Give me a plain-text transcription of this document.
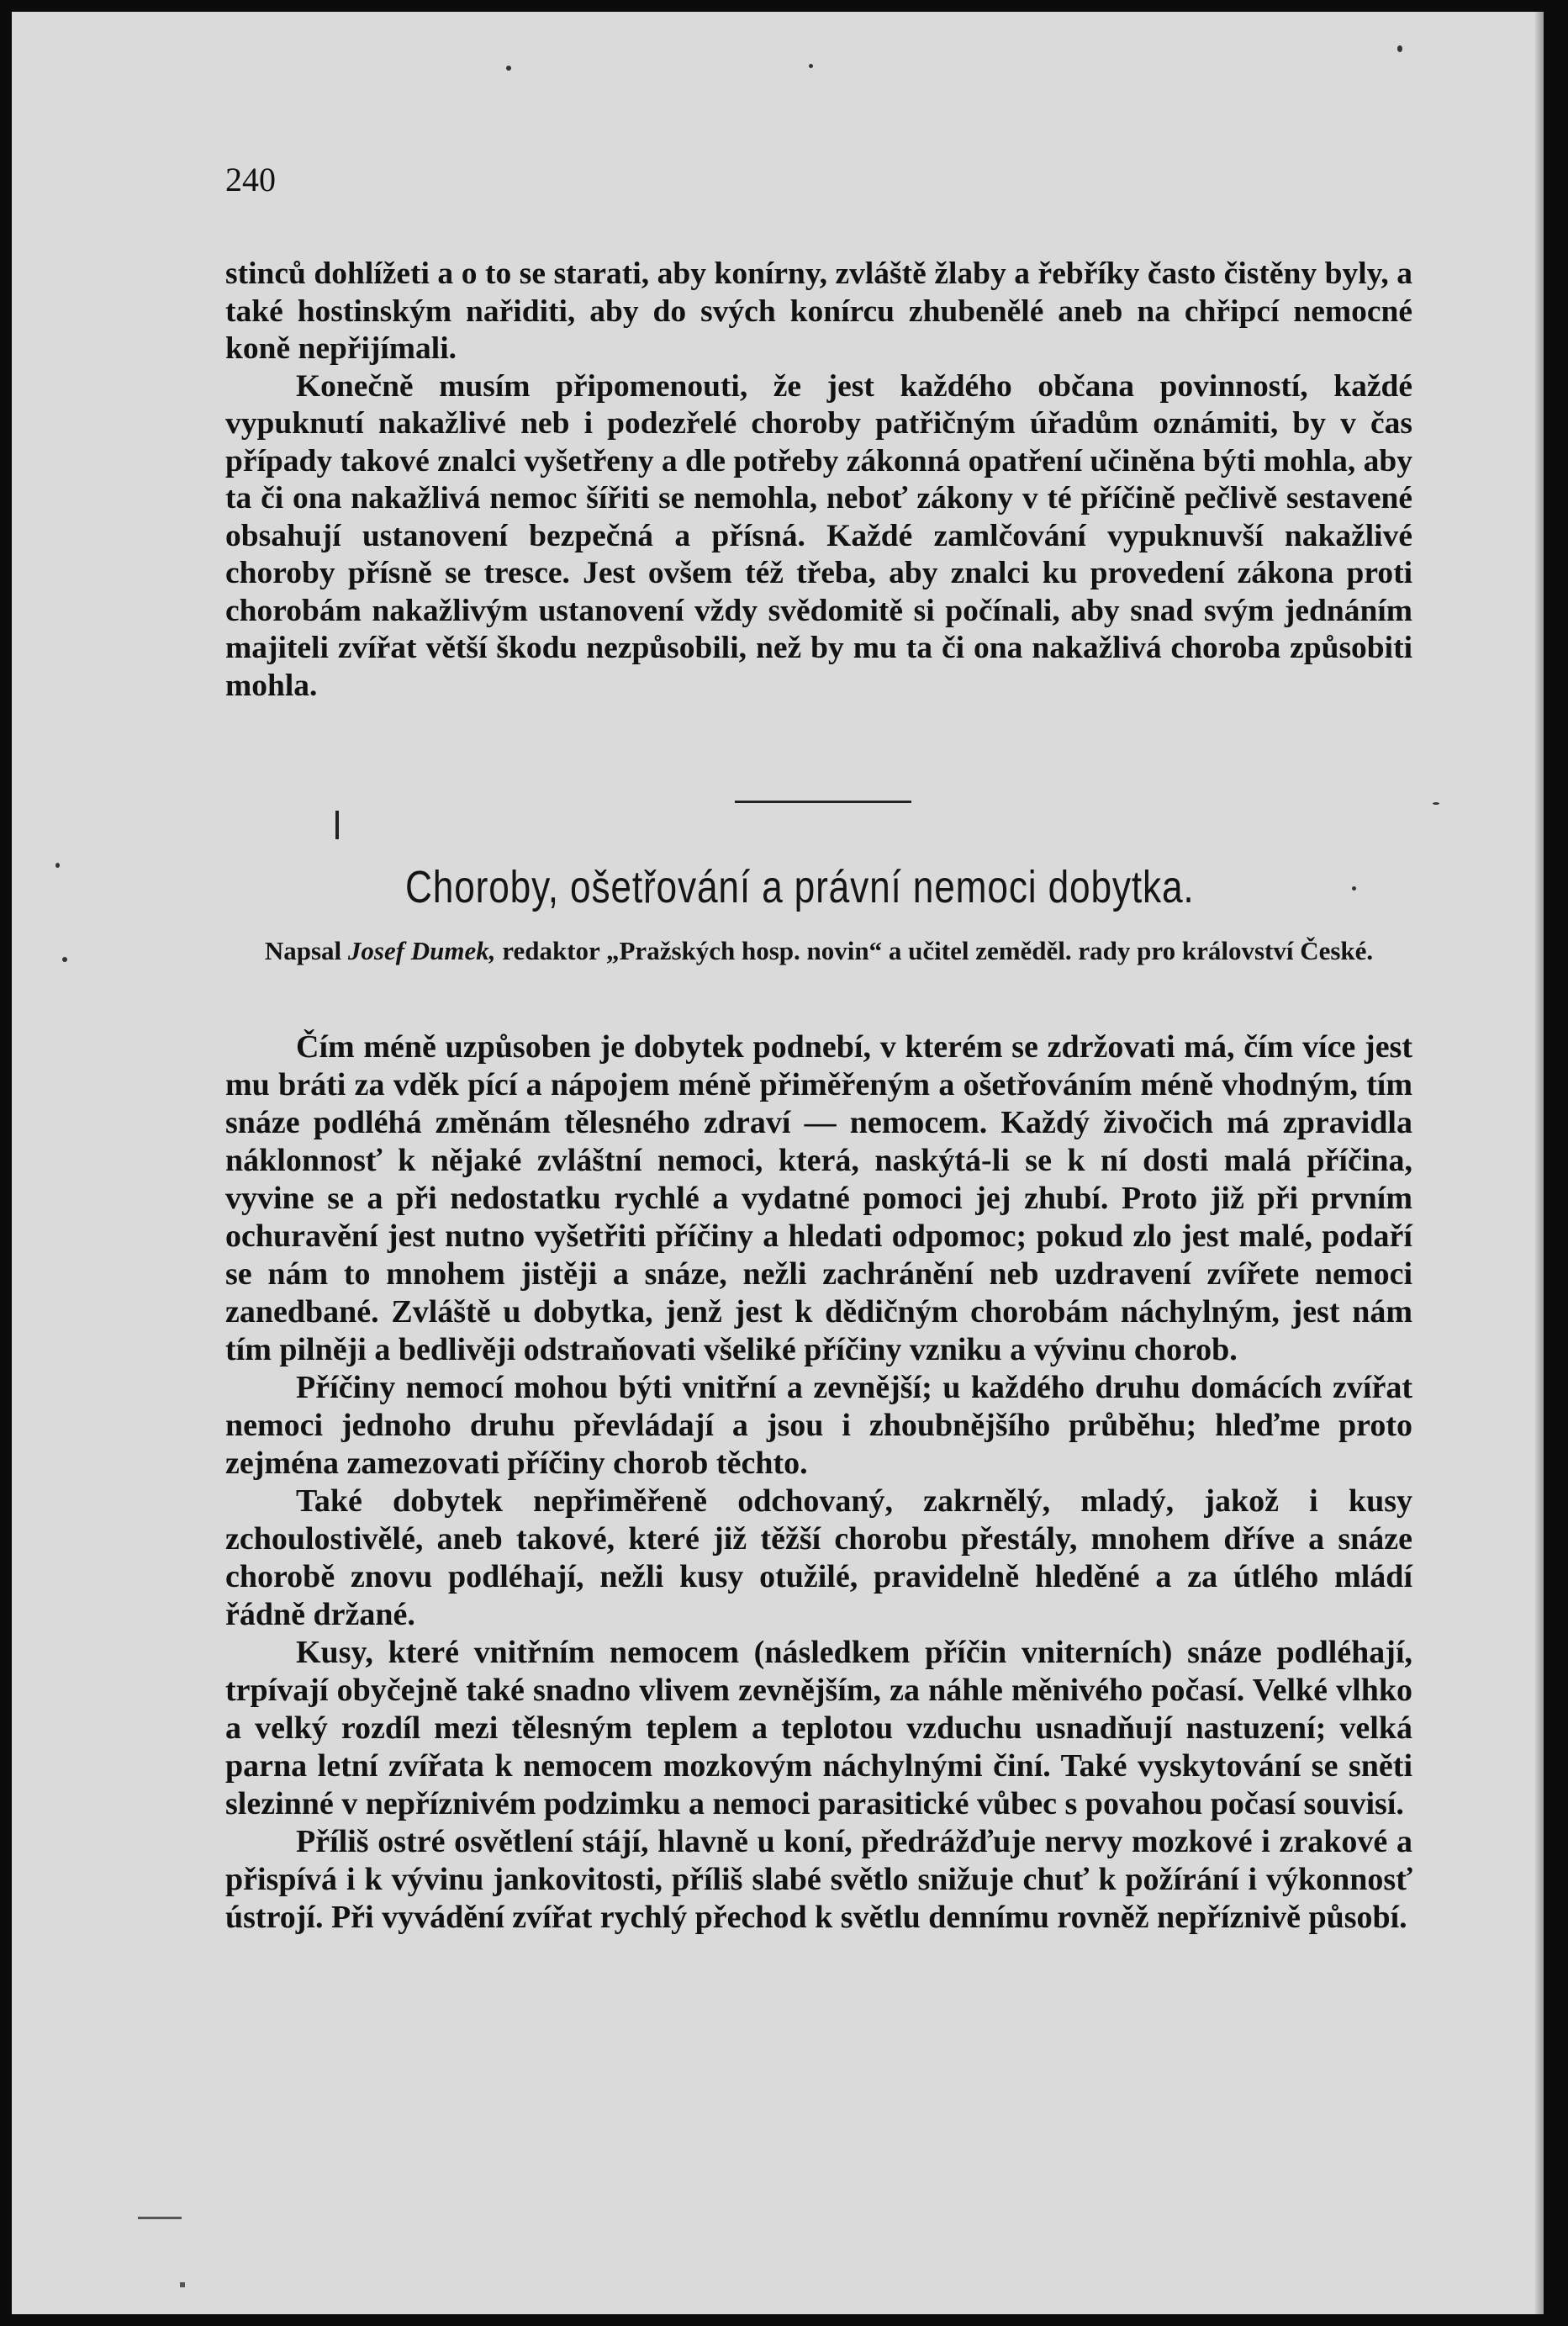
240

stinců dohlížeti a o to se starati, aby konírny, zvláště žlaby a řebříky často čistěny byly, a také hostinským nařiditi, aby do svých konírcu zhubenělé aneb na chřipcí nemocné koně nepřijímali.

Konečně musím připomenouti, že jest každého občana povinností, každé vypuknutí nakažlivé neb i podezřelé choroby patřičným úřadům oznámiti, by v čas případy takové znalci vyšetřeny a dle potřeby zákonná opatření učiněna býti mohla, aby ta či ona nakažlivá nemoc šířiti se nemohla, neboť zákony v té příčině pečlivě sestavené obsahují ustanovení bezpečná a přísná. Každé zamlčování vypuknuvší nakažlivé choroby přísně se tresce. Jest ovšem též třeba, aby znalci ku provedení zákona proti chorobám nakažlivým ustanovení vždy svědomitě si počínali, aby snad svým jednáním majiteli zvířat větší škodu nezpůsobili, než by mu ta či ona nakažlivá choroba způsobiti mohla.

Choroby, ošetřování a právní nemoci dobytka.

Napsal Josef Dumek, redaktor „Pražských hosp. novin“ a učitel zeměděl. rady pro království České.

Čím méně uzpůsoben je dobytek podnebí, v kterém se zdržovati má, čím více jest mu bráti za vděk pící a nápojem méně přiměřeným a ošetřováním méně vhodným, tím snáze podléhá změnám tělesného zdraví — nemocem. Každý živočich má zpravidla náklonnosť k nějaké zvláštní nemoci, která, naskýtá-li se k ní dosti malá příčina, vyvine se a při nedostatku rychlé a vydatné pomoci jej zhubí. Proto již při prvním ochuravění jest nutno vyšetřiti příčiny a hledati odpomoc; pokud zlo jest malé, podaří se nám to mnohem jistěji a snáze, nežli zachránění neb uzdravení zvířete nemoci zanedbané. Zvláště u dobytka, jenž jest k dědičným chorobám náchylným, jest nám tím pilněji a bedlivěji odstraňovati všeliké příčiny vzniku a vývinu chorob.

Příčiny nemocí mohou býti vnitřní a zevnější; u každého druhu domácích zvířat nemoci jednoho druhu převládají a jsou i zhoubnějšího průběhu; hleďme proto zejména zamezovati příčiny chorob těchto.

Také dobytek nepřiměřeně odchovaný, zakrnělý, mladý, jakož i kusy zchoulostivělé, aneb takové, které již těžší chorobu přestály, mnohem dříve a snáze chorobě znovu podléhají, nežli kusy otužilé, pravidelně hleděné a za útlého mládí řádně držané.

Kusy, které vnitřním nemocem (následkem příčin vniterních) snáze podléhají, trpívají obyčejně také snadno vlivem zevnějším, za náhle měnivého počasí. Velké vlhko a velký rozdíl mezi tělesným teplem a teplotou vzduchu usnadňují nastuzení; velká parna letní zvířata k nemocem mozkovým náchylnými činí. Také vyskytování se sněti slezinné v nepříznivém podzimku a nemoci parasitické vůbec s povahou počasí souvisí.

Příliš ostré osvětlení stájí, hlavně u koní, předrážďuje nervy mozkové i zrakové a přispívá i k vývinu jankovitosti, příliš slabé světlo snižuje chuť k požírání i výkonnosť ústrojí. Při vyvádění zvířat rychlý přechod k světlu dennímu rovněž nepříznivě působí.
